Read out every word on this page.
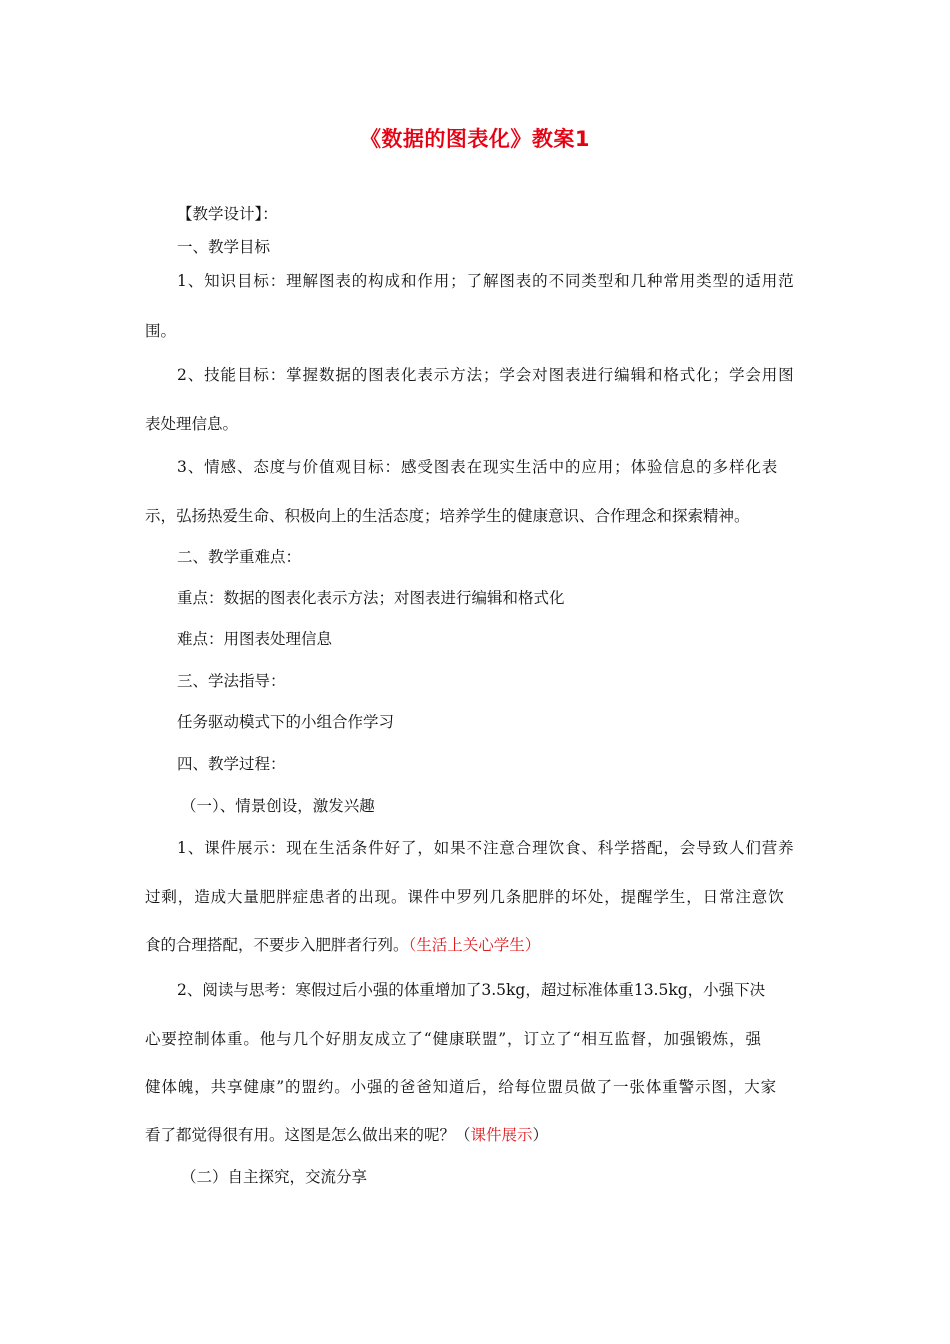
《数据的图表化》教案1
【教学设计】：
一、教学目标
1、知识目标：理解图表的构成和作用；了解图表的不同类型和几种常用类型的适用范
围。
2、技能目标：掌握数据的图表化表示方法；学会对图表进行编辑和格式化；学会用图
表处理信息。
3、情感、态度与价值观目标：感受图表在现实生活中的应用；体验信息的多样化表
示，弘扬热爱生命、积极向上的生活态度；培养学生的健康意识、合作理念和探索精神。
二、教学重难点：
重点：数据的图表化表示方法；对图表进行编辑和格式化
难点：用图表处理信息
三、学法指导：
任务驱动模式下的小组合作学习
四、教学过程：
（一）、情景创设，激发兴趣
1、课件展示：现在生活条件好了，如果不注意合理饮食、科学搭配，会导致人们营养
过剩，造成大量肥胖症患者的出现。课件中罗列几条肥胖的坏处，提醒学生，日常注意饮
食的合理搭配，不要步入肥胖者行列。（生活上关心学生）
2、阅读与思考：寒假过后小强的体重增加了3.5kg，超过标准体重13.5kg，小强下决
心要控制体重。他与几个好朋友成立了“健康联盟”，订立了“相互监督，加强锻炼，强
健体魄，共享健康”的盟约。小强的爸爸知道后，给每位盟员做了一张体重警示图，大家
看了都觉得很有用。这图是怎么做出来的呢？（课件展示）
（二）自主探究，交流分享
